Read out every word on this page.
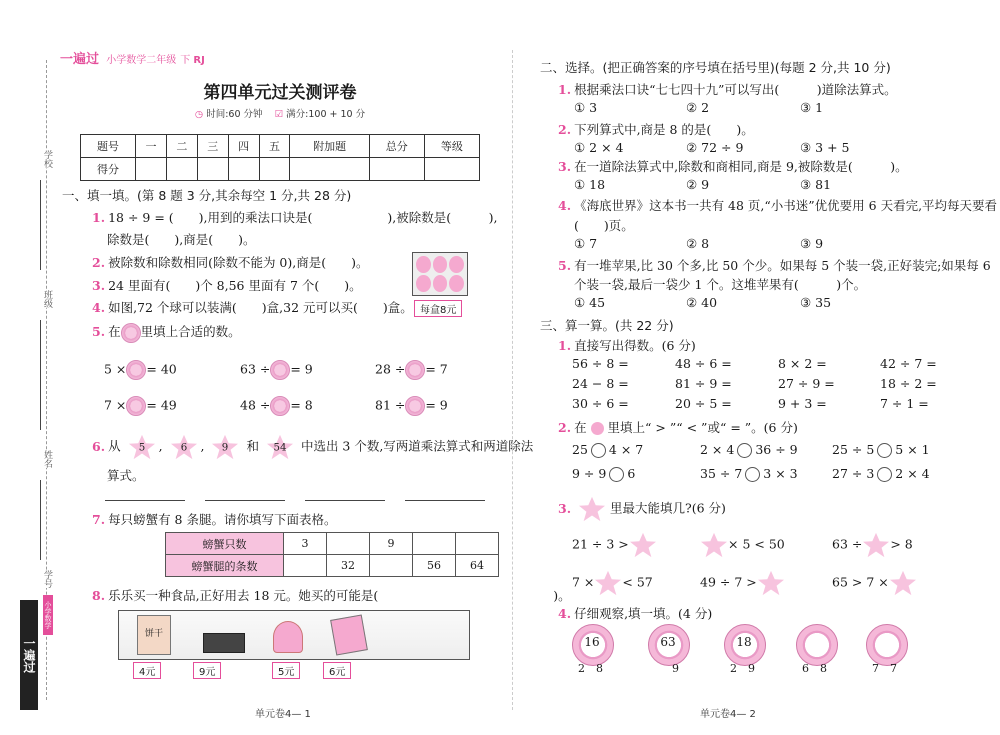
学校
班级
姓名
学号
一遍过
小学数学
一遍过 小学数学二年级 下 RJ
第四单元过关测评卷
◷ 时间:60 分钟 ☑ 满分:100 + 10 分
题号	一	二	三	四	五	附加题	总分	等级
得分								
一、填一填。(第 8 题 3 分,其余每空 1 分,共 28 分)
1. 18 ÷ 9 = (　　),用到的乘法口诀是(　　　　　　),被除数是(　　　),
除数是(　　),商是(　　)。
2. 被除数和除数相同(除数不能为 0),商是(　　)。
3. 24 里面有(　　)个 8,56 里面有 7 个(　　)。
4. 如图,72 个球可以装满(　　)盒,32 元可以买(　　)盒。 每盒8元
5. 在 里填上合适的数。
5 × = 40	63 ÷ = 9	28 ÷ = 7
7 × = 49	48 ÷ = 8	81 ÷ = 9
6. 从 5 , 6 , 9 和 54 中选出 3 个数,写两道乘法算式和两道除法
算式。
7. 每只螃蟹有 8 条腿。请你填写下面表格。
螃蟹只数	3		9		
螃蟹腿的条数		32		56	64
8. 乐乐买一种食品,正好用去 18 元。她买的可能是(　　　　　　　　　　　　　　)。
饼干
4元	9元	5元	6元
单元卷4— 1
二、选择。(把正确答案的序号填在括号里)(每题 2 分,共 10 分)
1. 根据乘法口诀“七七四十九”可以写出(　　　)道除法算式。
① 3	② 2	③ 1
2. 下列算式中,商是 8 的是(　　)。
① 2 × 4	② 72 ÷ 9	③ 3 + 5
3. 在一道除法算式中,除数和商相同,商是 9,被除数是(　　　)。
① 18	② 9	③ 81
4. 《海底世界》这本书一共有 48 页,“小书迷”优优要用 6 天看完,平均每天要看
(　　)页。
① 7	② 8	③ 9
5. 有一堆苹果,比 30 个多,比 50 个少。如果每 5 个装一袋,正好装完;如果每 6
个装一袋,最后一袋少 1 个。这堆苹果有(　　　)个。
① 45	② 40	③ 35
三、算一算。(共 22 分)
1. 直接写出得数。(6 分)
56 ÷ 8 =	48 ÷ 6 =	8 × 2 =	42 ÷ 7 =
24 − 8 =	81 ÷ 9 =	27 ÷ 9 =	18 ÷ 2 =
30 ÷ 6 =	20 ÷ 5 =	9 + 3 =	7 ÷ 1 =
2. 在 里填上“ > ”“ < ”或“ = ”。(6 分)
25 4 × 7	2 × 4 36 ÷ 9	25 ÷ 5 5 × 1
9 ÷ 9 6	35 ÷ 7 3 × 3	27 ÷ 3 2 × 4
3.	里最大能填几?(6 分)
21 ÷ 3 >	× 5 < 50	63 ÷ > 8
7 × < 57	49 ÷ 7 >	65 > 7 ×
4. 仔细观察,填一填。(4 分)
16
2 8
63
9
18
2 9	6 8	7 7
单元卷4— 2
